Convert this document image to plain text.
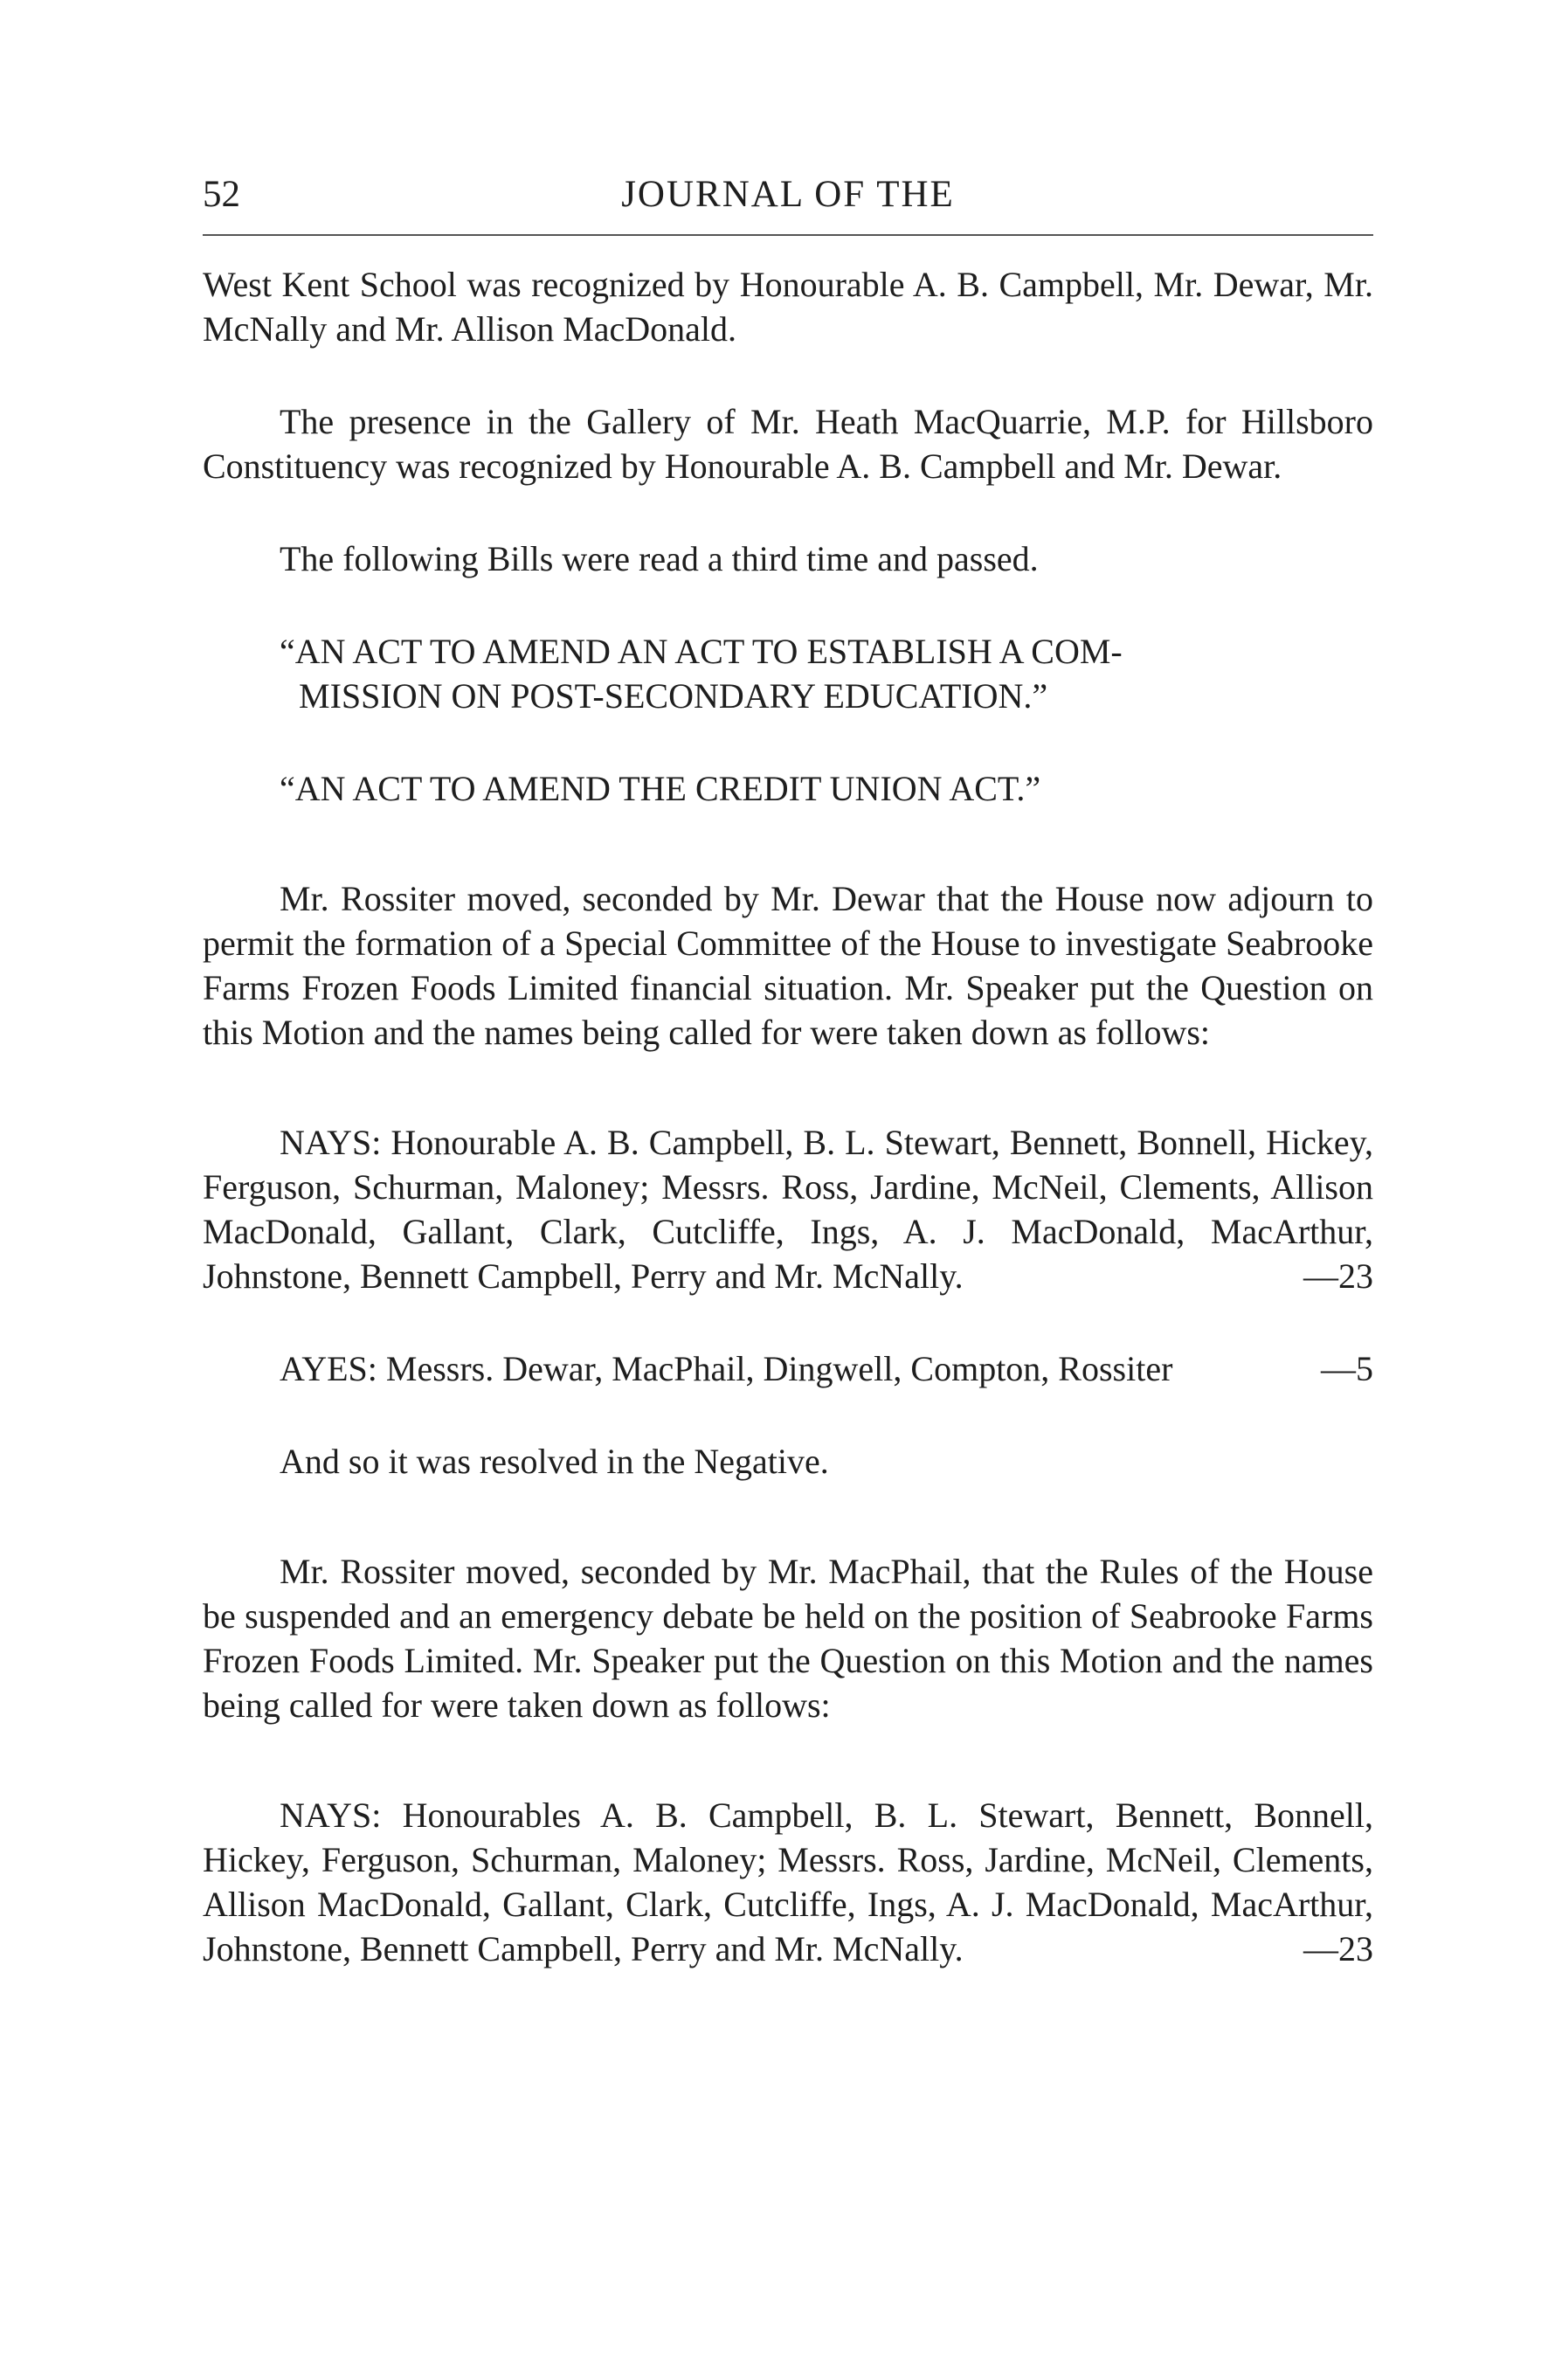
52	JOURNAL OF THE

West Kent School was recognized by Honourable A. B. Campbell, Mr. Dewar, Mr. McNally and Mr. Allison MacDonald.

The presence in the Gallery of Mr. Heath MacQuarrie, M.P. for Hillsboro Constituency was recognized by Honourable A. B. Campbell and Mr. Dewar.

The following Bills were read a third time and passed.

“AN ACT TO AMEND AN ACT TO ESTABLISH A COM-
MISSION ON POST-SECONDARY EDUCATION.”

“AN ACT TO AMEND THE CREDIT UNION ACT.”

Mr. Rossiter moved, seconded by Mr. Dewar that the House now adjourn to permit the formation of a Special Committee of the House to investigate Seabrooke Farms Frozen Foods Limited financial situation. Mr. Speaker put the Question on this Motion and the names being called for were taken down as follows:

NAYS: Honourable A. B. Campbell, B. L. Stewart, Bennett, Bonnell, Hickey, Ferguson, Schurman, Maloney; Messrs. Ross, Jardine, McNeil, Clements, Allison MacDonald, Gallant, Clark, Cutcliffe, Ings, A. J. MacDonald, MacArthur, Johnstone, Bennett Campbell, Perry and Mr. McNally.	—23

AYES: Messrs. Dewar, MacPhail, Dingwell, Compton, Rossiter	—5

And so it was resolved in the Negative.

Mr. Rossiter moved, seconded by Mr. MacPhail, that the Rules of the House be suspended and an emergency debate be held on the position of Seabrooke Farms Frozen Foods Limited. Mr. Speaker put the Question on this Motion and the names being called for were taken down as follows:

NAYS: Honourables A. B. Campbell, B. L. Stewart, Bennett, Bonnell, Hickey, Ferguson, Schurman, Maloney; Messrs. Ross, Jardine, McNeil, Clements, Allison MacDonald, Gallant, Clark, Cutcliffe, Ings, A. J. MacDonald, MacArthur, Johnstone, Bennett Campbell, Perry and Mr. McNally.	—23
